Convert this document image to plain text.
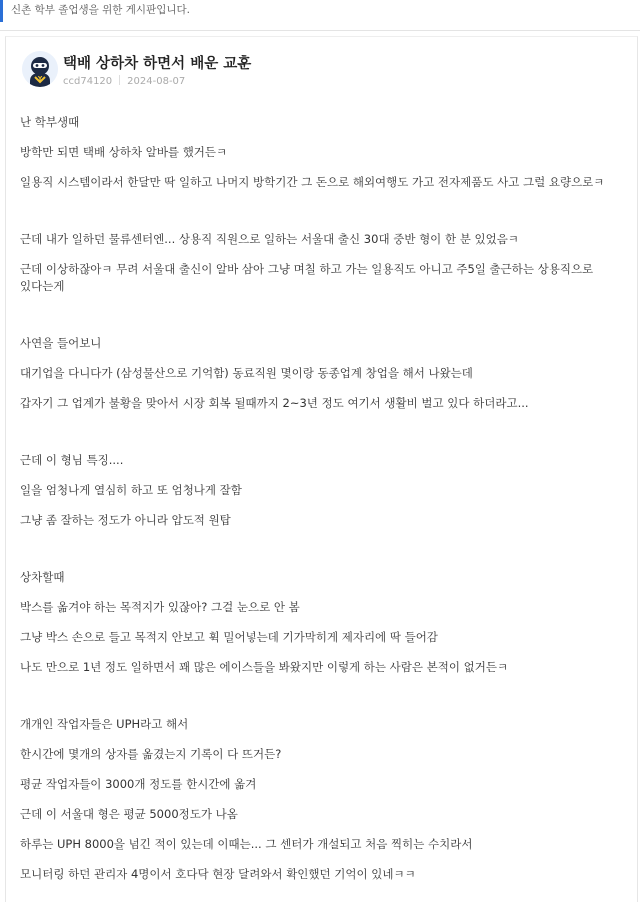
신촌 학부 졸업생을 위한 게시판입니다.
Y
택배 상하차 하면서 배운 교훈
ccd74120 2024-08-07

난 학부생때

방학만 되면 택배 상하차 알바를 했거든ㅋ

일용직 시스템이라서 한달만 딱 일하고 나머지 방학기간 그 돈으로 해외여행도 가고 전자제품도 사고 그럴 요량으로ㅋ

근데 내가 일하던 물류센터엔... 상용직 직원으로 일하는 서울대 출신 30대 중반 형이 한 분 있었음ㅋ

근데 이상하잖아ㅋ 무려 서울대 출신이 알바 삼아 그냥 며칠 하고 가는 일용직도 아니고 주5일 출근하는 상용직으로 있다는게

사연을 들어보니

대기업을 다니다가 (삼성물산으로 기억함) 동료직원 몇이랑 동종업계 창업을 해서 나왔는데

갑자기 그 업계가 불황을 맞아서 시장 회복 될때까지 2~3년 정도 여기서 생활비 벌고 있다 하더라고...

근데 이 형님 특징....

일을 엄청나게 열심히 하고 또 엄청나게 잘함

그냥 좀 잘하는 정도가 아니라 압도적 원탑

상차할때

박스를 옮겨야 하는 목적지가 있잖아? 그걸 눈으로 안 봄

그냥 박스 손으로 들고 목적지 안보고 휙 밀어넣는데 기가막히게 제자리에 딱 들어감

나도 만으로 1년 정도 일하면서 꽤 많은 에이스들을 봐왔지만 이렇게 하는 사람은 본적이 없거든ㅋ

개개인 작업자들은 UPH라고 해서

한시간에 몇개의 상자를 옮겼는지 기록이 다 뜨거든?

평균 작업자들이 3000개 정도를 한시간에 옮겨

근데 이 서울대 형은 평균 5000정도가 나옴

하루는 UPH 8000을 넘긴 적이 있는데 이때는... 그 센터가 개설되고 처음 찍히는 수치라서

모니터링 하던 관리자 4명이서 호다닥 현장 달려와서 확인했던 기억이 있네ㅋㅋ
